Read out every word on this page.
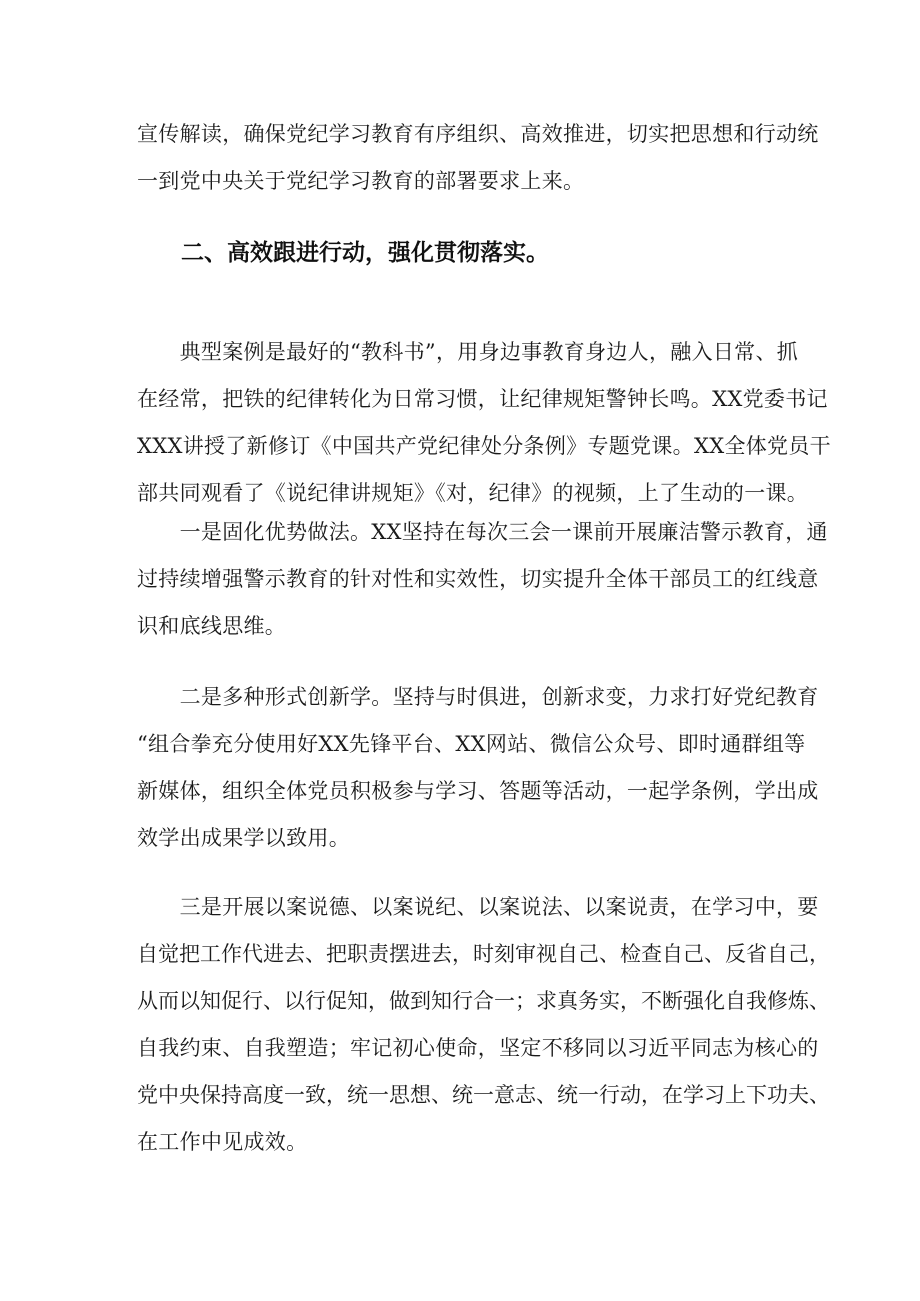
宣传解读，确保党纪学习教育有序组织、高效推进，切实把思想和行动统
一到党中央关于党纪学习教育的部署要求上来。
二、高效跟进行动，强化贯彻落实。
　　典型案例是最好的“教科书”，用身边事教育身边人，融入日常、抓
在经常，把铁的纪律转化为日常习惯，让纪律规矩警钟长鸣。XX党委书记
XXX讲授了新修订《中国共产党纪律处分条例》专题党课。XX全体党员干
部共同观看了《说纪律讲规矩》《对，纪律》的视频，上了生动的一课。
　　一是固化优势做法。XX坚持在每次三会一课前开展廉洁警示教育，通
过持续增强警示教育的针对性和实效性，切实提升全体干部员工的红线意
识和底线思维。
　　二是多种形式创新学。坚持与时俱进，创新求变，力求打好党纪教育
“组合拳充分使用好XX先锋平台、XX网站、微信公众号、即时通群组等
新媒体，组织全体党员积极参与学习、答题等活动，一起学条例，学出成
效学出成果学以致用。
　　三是开展以案说德、以案说纪、以案说法、以案说责，在学习中，要
自觉把工作代进去、把职责摆进去，时刻审视自己、检查自己、反省自己，
从而以知促行、以行促知，做到知行合一；求真务实，不断强化自我修炼、
自我约束、自我塑造；牢记初心使命，坚定不移同以习近平同志为核心的
党中央保持高度一致，统一思想、统一意志、统一行动，在学习上下功夫、
在工作中见成效。
